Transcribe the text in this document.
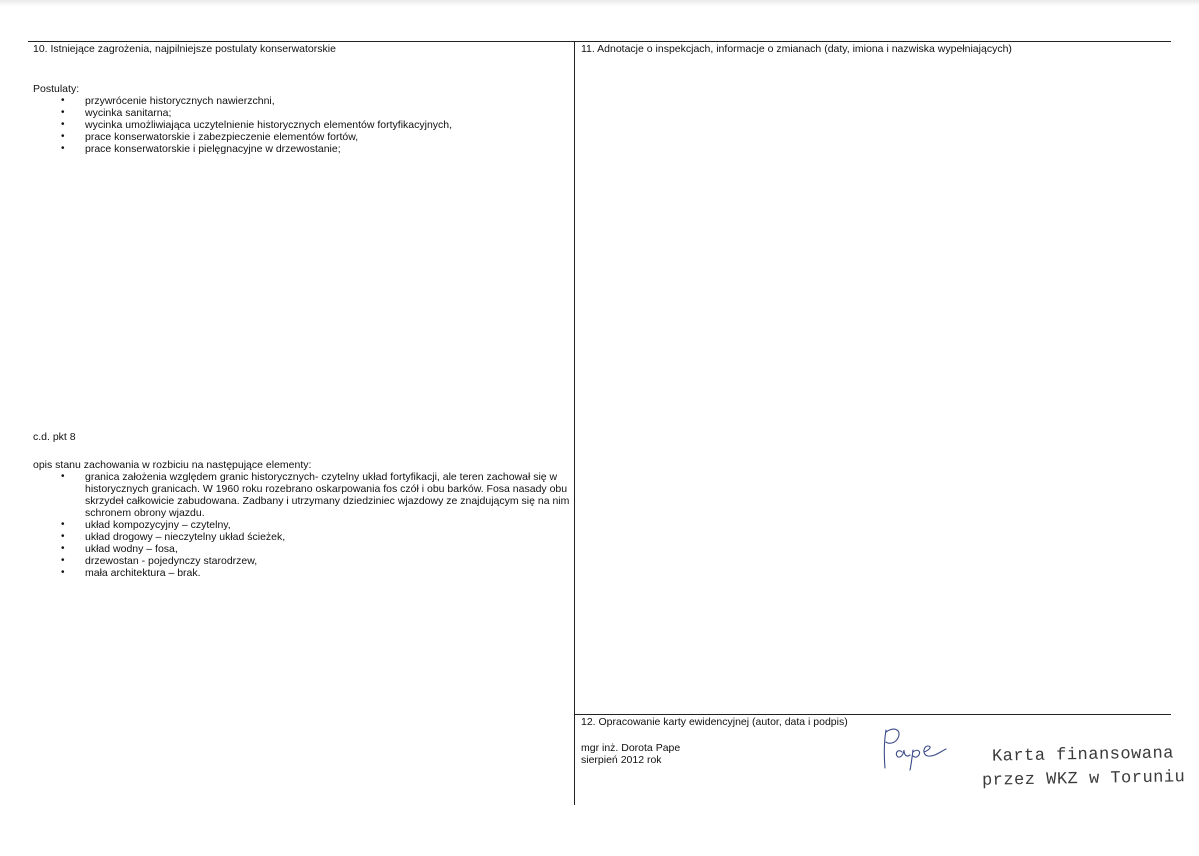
10. Istniejące zagrożenia, najpilniejsze postulaty konserwatorskie
Postulaty:
• przywrócenie historycznych nawierzchni,
• wycinka sanitarna;
• wycinka umożliwiająca uczytelnienie historycznych elementów fortyfikacyjnych,
• prace konserwatorskie i zabezpieczenie elementów fortów,
• prace konserwatorskie i pielęgnacyjne w drzewostanie;
c.d. pkt 8
opis stanu zachowania w rozbiciu na następujące elementy:
• granica założenia względem granic historycznych- czytelny układ fortyfikacji, ale teren zachował się w historycznych granicach. W 1960 roku rozebrano oskarpowania fos czół i obu barków. Fosa nasady obu skrzydeł całkowicie zabudowana. Zadbany i utrzymany dziedziniec wjazdowy ze znajdującym się na nim schronem obrony wjazdu.
• układ kompozycyjny – czytelny,
• układ drogowy – nieczytelny układ ścieżek,
• układ wodny – fosa,
• drzewostan - pojedynczy starodrzew,
• mała architektura – brak.
11. Adnotacje o inspekcjach, informacje o zmianach (daty, imiona i nazwiska wypełniających)
12. Opracowanie karty ewidencyjnej (autor, data i podpis)
mgr inż. Dorota Pape
sierpień 2012 rok	Karta finansowana
przez WKZ w Toruniu
